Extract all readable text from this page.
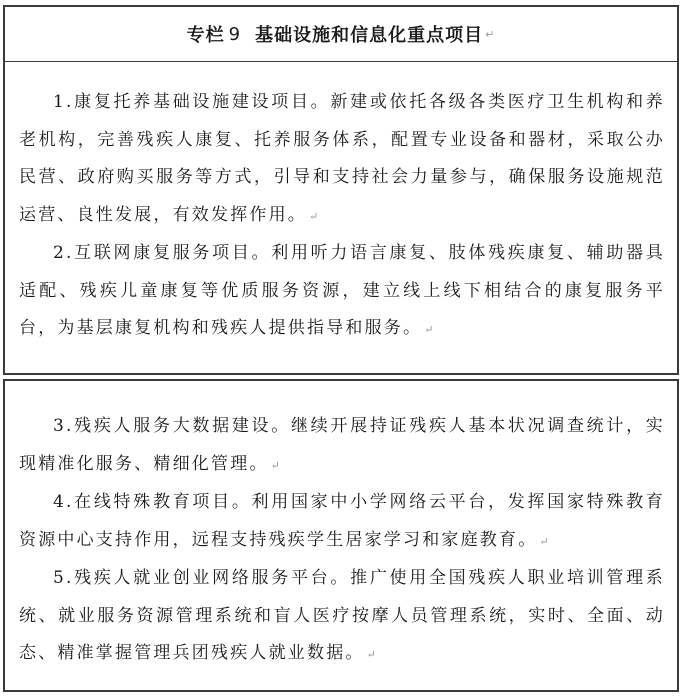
专栏 9 基础设施和信息化重点项目 ↵

1.康复托养基础设施建设项目。新建或依托各级各类医疗卫生机构和养老机构，完善残疾人康复、托养服务体系，配置专业设备和器材，采取公办民营、政府购买服务等方式，引导和支持社会力量参与，确保服务设施规范运营、良性发展，有效发挥作用。 ↵

2.互联网康复服务项目。利用听力语言康复、肢体残疾康复、辅助器具适配、残疾儿童康复等优质服务资源，建立线上线下相结合的康复服务平台，为基层康复机构和残疾人提供指导和服务。 ↵

3.残疾人服务大数据建设。继续开展持证残疾人基本状况调查统计，实现精准化服务、精细化管理。 ↵

4.在线特殊教育项目。利用国家中小学网络云平台，发挥国家特殊教育资源中心支持作用，远程支持残疾学生居家学习和家庭教育。 ↵

5.残疾人就业创业网络服务平台。推广使用全国残疾人职业培训管理系统、就业服务资源管理系统和盲人医疗按摩人员管理系统，实时、全面、动态、精准掌握管理兵团残疾人就业数据。 ↵
